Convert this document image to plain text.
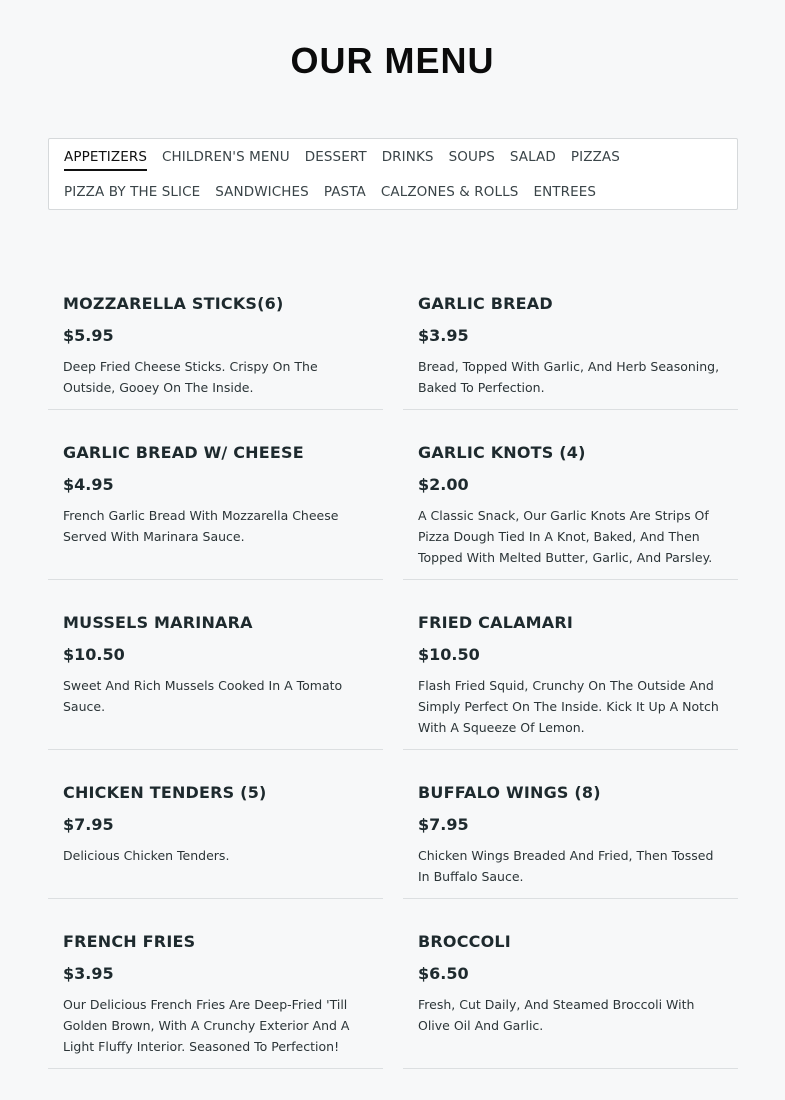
OUR MENU
APPETIZERS CHILDREN'S MENU DESSERT DRINKS SOUPS SALAD PIZZAS
PIZZA BY THE SLICE SANDWICHES PASTA CALZONES & ROLLS ENTREES
MOZZARELLA STICKS(6)
$5.95
Deep Fried Cheese Sticks. Crispy On The Outside, Gooey On The Inside.
GARLIC BREAD
$3.95
Bread, Topped With Garlic, And Herb Seasoning, Baked To Perfection.
GARLIC BREAD W/ CHEESE
$4.95
French Garlic Bread With Mozzarella Cheese Served With Marinara Sauce.
GARLIC KNOTS (4)
$2.00
A Classic Snack, Our Garlic Knots Are Strips Of Pizza Dough Tied In A Knot, Baked, And Then Topped With Melted Butter, Garlic, And Parsley.
MUSSELS MARINARA
$10.50
Sweet And Rich Mussels Cooked In A Tomato Sauce.
FRIED CALAMARI
$10.50
Flash Fried Squid, Crunchy On The Outside And Simply Perfect On The Inside. Kick It Up A Notch With A Squeeze Of Lemon.
CHICKEN TENDERS (5)
$7.95
Delicious Chicken Tenders.
BUFFALO WINGS (8)
$7.95
Chicken Wings Breaded And Fried, Then Tossed In Buffalo Sauce.
FRENCH FRIES
$3.95
Our Delicious French Fries Are Deep-Fried 'Till Golden Brown, With A Crunchy Exterior And A Light Fluffy Interior. Seasoned To Perfection!
BROCCOLI
$6.50
Fresh, Cut Daily, And Steamed Broccoli With Olive Oil And Garlic.
